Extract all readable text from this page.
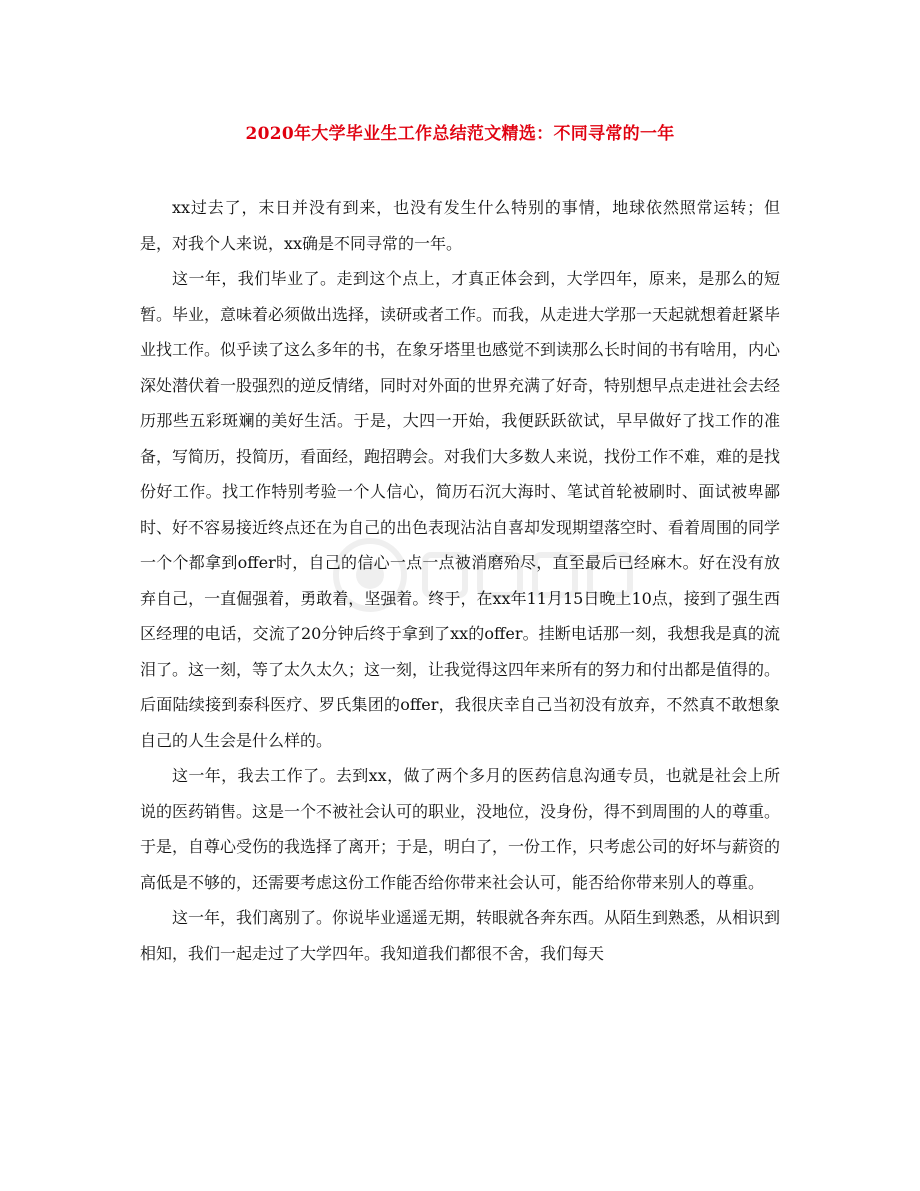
2020年大学毕业生工作总结范文精选：不同寻常的一年

xx过去了，末日并没有到来，也没有发生什么特别的事情，地球依然照常运转；但是，对我个人来说，xx确是不同寻常的一年。

这一年，我们毕业了。走到这个点上，才真正体会到，大学四年，原来，是那么的短暂。毕业，意味着必须做出选择，读研或者工作。而我，从走进大学那一天起就想着赶紧毕业找工作。似乎读了这么多年的书，在象牙塔里也感觉不到读那么长时间的书有啥用，内心深处潜伏着一股强烈的逆反情绪，同时对外面的世界充满了好奇，特别想早点走进社会去经历那些五彩斑斓的美好生活。于是，大四一开始，我便跃跃欲试，早早做好了找工作的准备，写简历，投简历，看面经，跑招聘会。对我们大多数人来说，找份工作不难，难的是找份好工作。找工作特别考验一个人信心，简历石沉大海时、笔试首轮被刷时、面试被卑鄙时、好不容易接近终点还在为自己的出色表现沾沾自喜却发现期望落空时、看着周围的同学一个个都拿到offer时，自己的信心一点一点被消磨殆尽，直至最后已经麻木。好在没有放弃自己，一直倔强着，勇敢着，坚强着。终于，在xx年11月15日晚上10点，接到了强生西区经理的电话，交流了20分钟后终于拿到了xx的offer。挂断电话那一刻，我想我是真的流泪了。这一刻，等了太久太久；这一刻，让我觉得这四年来所有的努力和付出都是值得的。后面陆续接到泰科医疗、罗氏集团的offer，我很庆幸自己当初没有放弃，不然真不敢想象自己的人生会是什么样的。

这一年，我去工作了。去到xx，做了两个多月的医药信息沟通专员，也就是社会上所说的医药销售。这是一个不被社会认可的职业，没地位，没身份，得不到周围的人的尊重。于是，自尊心受伤的我选择了离开；于是，明白了，一份工作，只考虑公司的好坏与薪资的高低是不够的，还需要考虑这份工作能否给你带来社会认可，能否给你带来别人的尊重。

这一年，我们离别了。你说毕业遥遥无期，转眼就各奔东西。从陌生到熟悉，从相识到相知，我们一起走过了大学四年。我知道我们都很不舍，我们每天
